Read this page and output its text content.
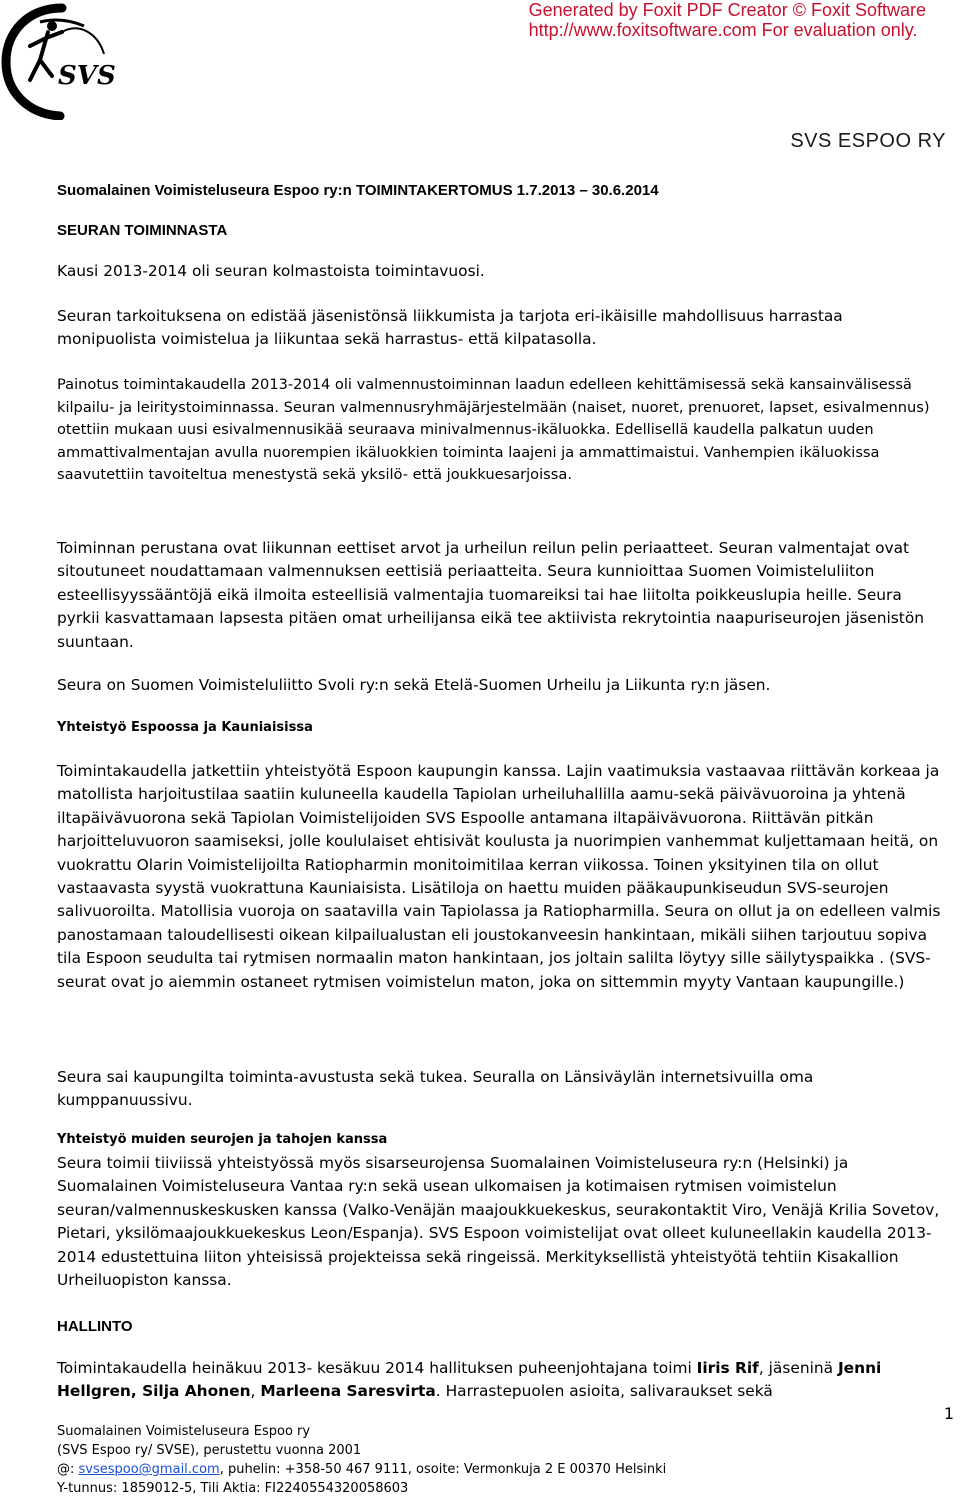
Generated by Foxit PDF Creator © Foxit Software
http://www.foxitsoftware.com For evaluation only.
SVS
SVS ESPOO RY
Suomalainen Voimisteluseura Espoo ry:n TOIMINTAKERTOMUS 1.7.2013 – 30.6.2014
SEURAN TOIMINNASTA
Kausi 2013-2014 oli seuran kolmastoista toimintavuosi.
Seuran tarkoituksena on edistää jäsenistönsä liikkumista ja tarjota eri-ikäisille mahdollisuus harrastaa monipuolista voimistelua ja liikuntaa sekä harrastus- että kilpatasolla.
Painotus toimintakaudella 2013-2014 oli valmennustoiminnan laadun edelleen kehittämisessä sekä kansainvälisessä kilpailu- ja leiritystoiminnassa. Seuran valmennusryhmäjärjestelmään (naiset, nuoret, prenuoret, lapset, esivalmennus) otettiin mukaan uusi esivalmennusikää seuraava minivalmennus-ikäluokka. Edellisellä kaudella palkatun uuden ammattivalmentajan avulla nuorempien ikäluokkien toiminta laajeni ja ammattimaistui. Vanhempien ikäluokissa saavutettiin tavoiteltua menestystä sekä yksilö- että joukkuesarjoissa.
Toiminnan perustana ovat liikunnan eettiset arvot ja urheilun reilun pelin periaatteet. Seuran valmentajat ovat sitoutuneet noudattamaan valmennuksen eettisiä periaatteita. Seura kunnioittaa Suomen Voimisteluliiton esteellisyyssääntöjä eikä ilmoita esteellisiä valmentajia tuomareiksi tai hae liitolta poikkeuslupia heille. Seura pyrkii kasvattamaan lapsesta pitäen omat urheilijansa eikä tee aktiivista rekrytointia naapuriseurojen jäsenistön suuntaan.
Seura on Suomen Voimisteluliitto Svoli ry:n sekä Etelä-Suomen Urheilu ja Liikunta ry:n jäsen.
Yhteistyö Espoossa ja Kauniaisissa
Toimintakaudella jatkettiin yhteistyötä Espoon kaupungin kanssa. Lajin vaatimuksia vastaavaa riittävän korkeaa ja matollista harjoitustilaa saatiin kuluneella kaudella Tapiolan urheiluhallilla aamu-sekä päivävuoroina ja yhtenä iltapäivävuorona sekä Tapiolan Voimistelijoiden SVS Espoolle antamana iltapäivävuorona. Riittävän pitkän harjoitteluvuoron saamiseksi, jolle koululaiset ehtisivät koulusta ja nuorimpien vanhemmat kuljettamaan heitä, on vuokrattu Olarin Voimistelijoilta Ratiopharmin monitoimitilaa kerran viikossa. Toinen yksityinen tila on ollut vastaavasta syystä vuokrattuna Kauniaisista. Lisätiloja on haettu muiden pääkaupunkiseudun SVS-seurojen salivuoroilta. Matollisia vuoroja on saatavilla vain Tapiolassa ja Ratiopharmilla. Seura on ollut ja on edelleen valmis panostamaan taloudellisesti oikean kilpailualustan eli joustokanveesin hankintaan, mikäli siihen tarjoutuu sopiva tila Espoon seudulta tai rytmisen normaalin maton hankintaan, jos joltain salilta löytyy sille säilytyspaikka . (SVS-seurat ovat jo aiemmin ostaneet rytmisen voimistelun maton, joka on sittemmin myyty Vantaan kaupungille.)
Seura sai kaupungilta toiminta-avustusta sekä tukea. Seuralla on Länsiväylän internetsivuilla oma kumppanuussivu.
Yhteistyö muiden seurojen ja tahojen kanssa
Seura toimii tiiviissä yhteistyössä myös sisarseurojensa Suomalainen Voimisteluseura ry:n (Helsinki) ja Suomalainen Voimisteluseura Vantaa ry:n sekä usean ulkomaisen ja kotimaisen rytmisen voimistelun seuran/valmennuskeskusken kanssa (Valko-Venäjän maajoukkuekeskus, seurakontaktit Viro, Venäjä Krilia Sovetov, Pietari, yksilömaajoukkuekeskus Leon/Espanja). SVS Espoon voimistelijat ovat olleet kuluneellakin kaudella 2013-2014 edustettuina liiton yhteisissä projekteissa sekä ringeissä. Merkityksellistä yhteistyötä tehtiin Kisakallion Urheiluopiston kanssa.
HALLINTO
Toimintakaudella heinäkuu 2013- kesäkuu 2014 hallituksen puheenjohtajana toimi Iiris Rif, jäseninä Jenni Hellgren, Silja Ahonen, Marleena Saresvirta. Harrastepuolen asioita, salivaraukset sekä
1
Suomalainen Voimisteluseura Espoo ry
(SVS Espoo ry/ SVSE), perustettu vuonna 2001
@: svsespoo@gmail.com, puhelin: +358-50 467 9111, osoite: Vermonkuja 2 E 00370 Helsinki
Y-tunnus: 1859012-5, Tili Aktia: FI2240554320058603
